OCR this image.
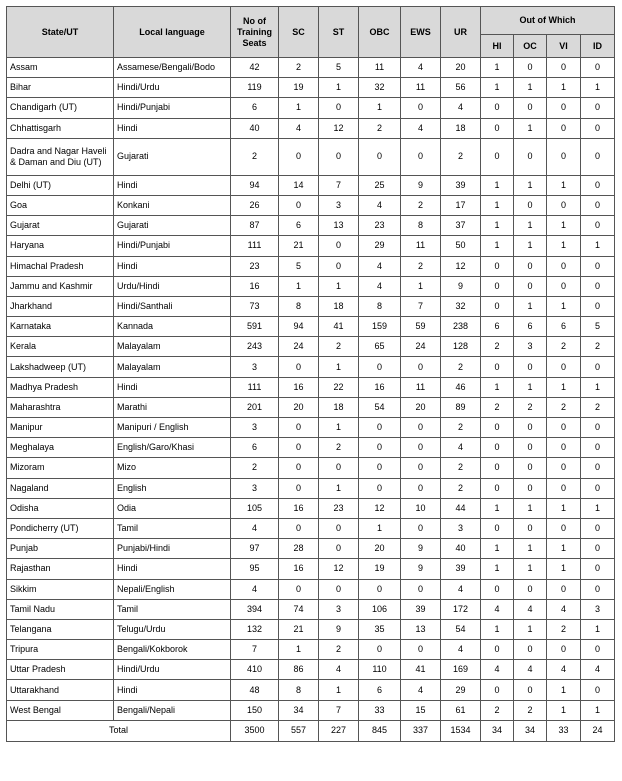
State/UT	Local language	No of Training Seats	SC	ST	OBC	EWS	UR	Out of Which			
								HI	OC	VI	ID
Assam	Assamese/Bengali/Bodo	42	2	5	11	4	20	1	0	0	0
Bihar	Hindi/Urdu	119	19	1	32	11	56	1	1	1	1
Chandigarh (UT)	Hindi/Punjabi	6	1	0	1	0	4	0	0	0	0
Chhattisgarh	Hindi	40	4	12	2	4	18	0	1	0	0
Dadra and Nagar Haveli & Daman and Diu (UT)	Gujarati	2	0	0	0	0	2	0	0	0	0
Delhi (UT)	Hindi	94	14	7	25	9	39	1	1	1	0
Goa	Konkani	26	0	3	4	2	17	1	0	0	0
Gujarat	Gujarati	87	6	13	23	8	37	1	1	1	0
Haryana	Hindi/Punjabi	111	21	0	29	11	50	1	1	1	1
Himachal Pradesh	Hindi	23	5	0	4	2	12	0	0	0	0
Jammu and Kashmir	Urdu/Hindi	16	1	1	4	1	9	0	0	0	0
Jharkhand	Hindi/Santhali	73	8	18	8	7	32	0	1	1	0
Karnataka	Kannada	591	94	41	159	59	238	6	6	6	5
Kerala	Malayalam	243	24	2	65	24	128	2	3	2	2
Lakshadweep (UT)	Malayalam	3	0	1	0	0	2	0	0	0	0
Madhya Pradesh	Hindi	111	16	22	16	11	46	1	1	1	1
Maharashtra	Marathi	201	20	18	54	20	89	2	2	2	2
Manipur	Manipuri / English	3	0	1	0	0	2	0	0	0	0
Meghalaya	English/Garo/Khasi	6	0	2	0	0	4	0	0	0	0
Mizoram	Mizo	2	0	0	0	0	2	0	0	0	0
Nagaland	English	3	0	1	0	0	2	0	0	0	0
Odisha	Odia	105	16	23	12	10	44	1	1	1	1
Pondicherry (UT)	Tamil	4	0	0	1	0	3	0	0	0	0
Punjab	Punjabi/Hindi	97	28	0	20	9	40	1	1	1	0
Rajasthan	Hindi	95	16	12	19	9	39	1	1	1	0
Sikkim	Nepali/English	4	0	0	0	0	4	0	0	0	0
Tamil Nadu	Tamil	394	74	3	106	39	172	4	4	4	3
Telangana	Telugu/Urdu	132	21	9	35	13	54	1	1	2	1
Tripura	Bengali/Kokborok	7	1	2	0	0	4	0	0	0	0
Uttar Pradesh	Hindi/Urdu	410	86	4	110	41	169	4	4	4	4
Uttarakhand	Hindi	48	8	1	6	4	29	0	0	1	0
West Bengal	Bengali/Nepali	150	34	7	33	15	61	2	2	1	1
Total		3500	557	227	845	337	1534	34	34	33	24
